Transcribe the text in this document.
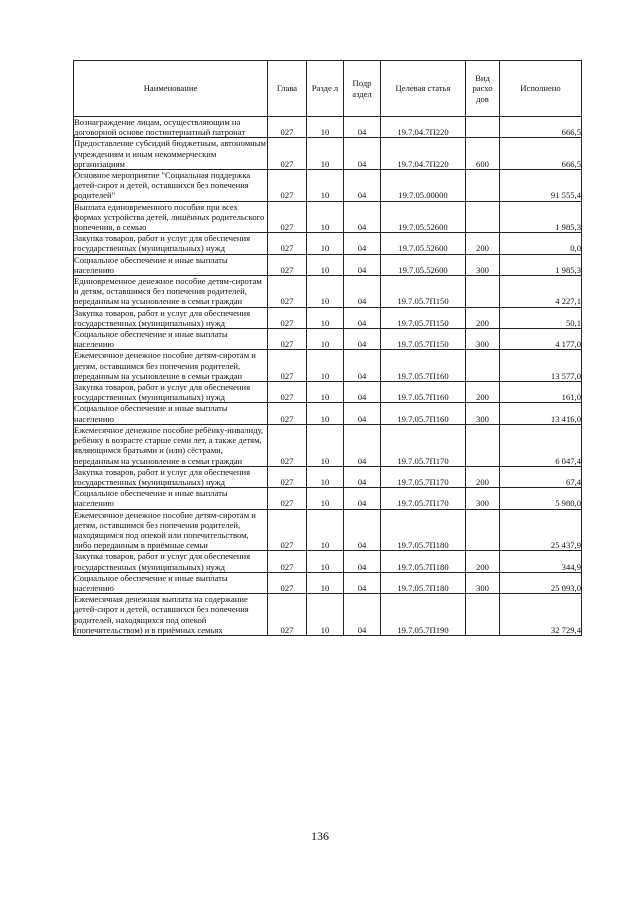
Наименование	Глава	Разде л	Подр аздел	Целевая статья	Вид расхо дов	Исполнено
Вознаграждение лицам, осуществляющим на договорной основе постинтернатный патронат	027	10	04	19.7.04.7П220		666,5
Предоставление субсидий бюджетным, автономным учреждениям и иным некоммерческим организациям	027	10	04	19.7.04.7П220	600	666,5
Основное мероприятие "Социальная поддержка детей-сирот и детей, оставшихся без попечения родителей"	027	10	04	19.7.05.00000		91 555,4
Выплата единовременного пособия при всех формах устройства детей, лишённых родительского попечения, в семью	027	10	04	19.7.05.52600		1 985,3
Закупка товаров, работ и услуг для обеспечения государственных (муниципальных) нужд	027	10	04	19.7.05.52600	200	0,0
Социальное обеспечение и иные выплаты населению	027	10	04	19.7.05.52600	300	1 985,3
Единовременное денежное пособие детям-сиротам и детям, оставшимся без попечения родителей, переданным на усыновление в семьи граждан	027	10	04	19.7.05.7П150		4 227,1
Закупка товаров, работ и услуг для обеспечения государственных (муниципальных) нужд	027	10	04	19.7.05.7П150	200	50,1
Социальное обеспечение и иные выплаты населению	027	10	04	19.7.05.7П150	300	4 177,0
Ежемесячное денежное пособие детям-сиротам и детям, оставшимся без попечения родителей, переданным на усыновление в семьи граждан	027	10	04	19.7.05.7П160		13 577,0
Закупка товаров, работ и услуг для обеспечения государственных (муниципальных) нужд	027	10	04	19.7.05.7П160	200	161,0
Социальное обеспечение и иные выплаты населению	027	10	04	19.7.05.7П160	300	13 416,0
Ежемесячное денежное пособие ребёнку-инвалиду, ребёнку в возрасте старше семи лет, а также детям, являющимся братьями и (или) сёстрами, переданным на усыновление в семьи граждан	027	10	04	19.7.05.7П170		6 047,4
Закупка товаров, работ и услуг для обеспечения государственных (муниципальных) нужд	027	10	04	19.7.05.7П170	200	67,4
Социальное обеспечение и иные выплаты населению	027	10	04	19.7.05.7П170	300	5 980,0
Ежемесячное денежное пособие детям-сиротам и детям, оставшимся без попечения родителей, находящимся под опекой или попечительством, либо переданным в приёмные семьи	027	10	04	19.7.05.7П180		25 437,9
Закупка товаров, работ и услуг для обеспечения государственных (муниципальных) нужд	027	10	04	19.7.05.7П180	200	344,9
Социальное обеспечение и иные выплаты населению	027	10	04	19.7.05.7П180	300	25 093,0
Ежемесячная денежная выплата на содержание детей-сирот и детей, оставшихся без попечения родителей, находящихся под опекой (попечительством) и в приёмных семьях	027	10	04	19.7.05.7П190		32 729,4
136
